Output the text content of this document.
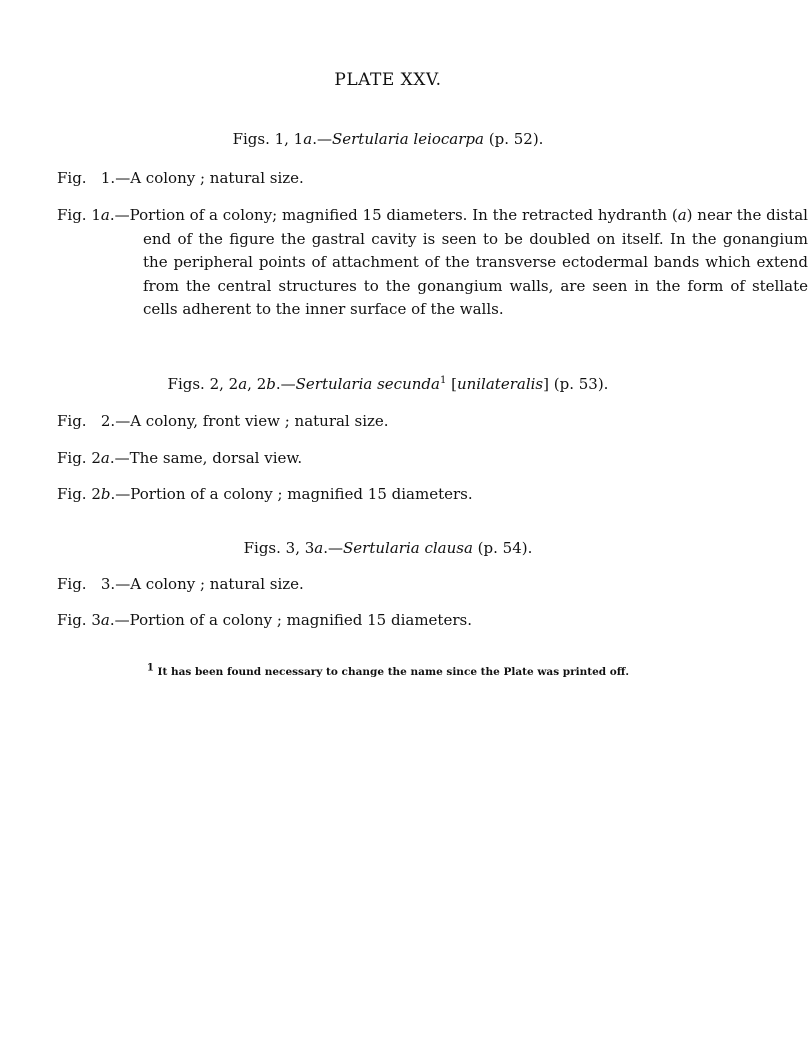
PLATE XXV.
Figs. 1, 1a.—Sertularia leiocarpa (p. 52).
Fig.   1.—A colony ; natural size.
Fig. 1a.—Portion of a colony; magnified 15 diameters. In the retracted hydranth (a) near the distal end of the figure the gastral cavity is seen to be doubled on itself. In the gonangium the peripheral points of attachment of the transverse ectodermal bands which extend from the central structures to the gonangium walls, are seen in the form of stellate cells adherent to the inner surface of the walls.
Figs. 2, 2a, 2b.—Sertularia secunda$^1$ [unilateralis] (p. 53).
Fig.   2.—A colony, front view ; natural size.
Fig. 2a.—The same, dorsal view.
Fig. 2b.—Portion of a colony ; magnified 15 diameters.
Figs. 3, 3a.—Sertularia clausa (p. 54).
Fig.   3.—A colony ; natural size.
Fig. 3a.—Portion of a colony ; magnified 15 diameters.
$^1$ It has been found necessary to change the name since the Plate was printed off.
